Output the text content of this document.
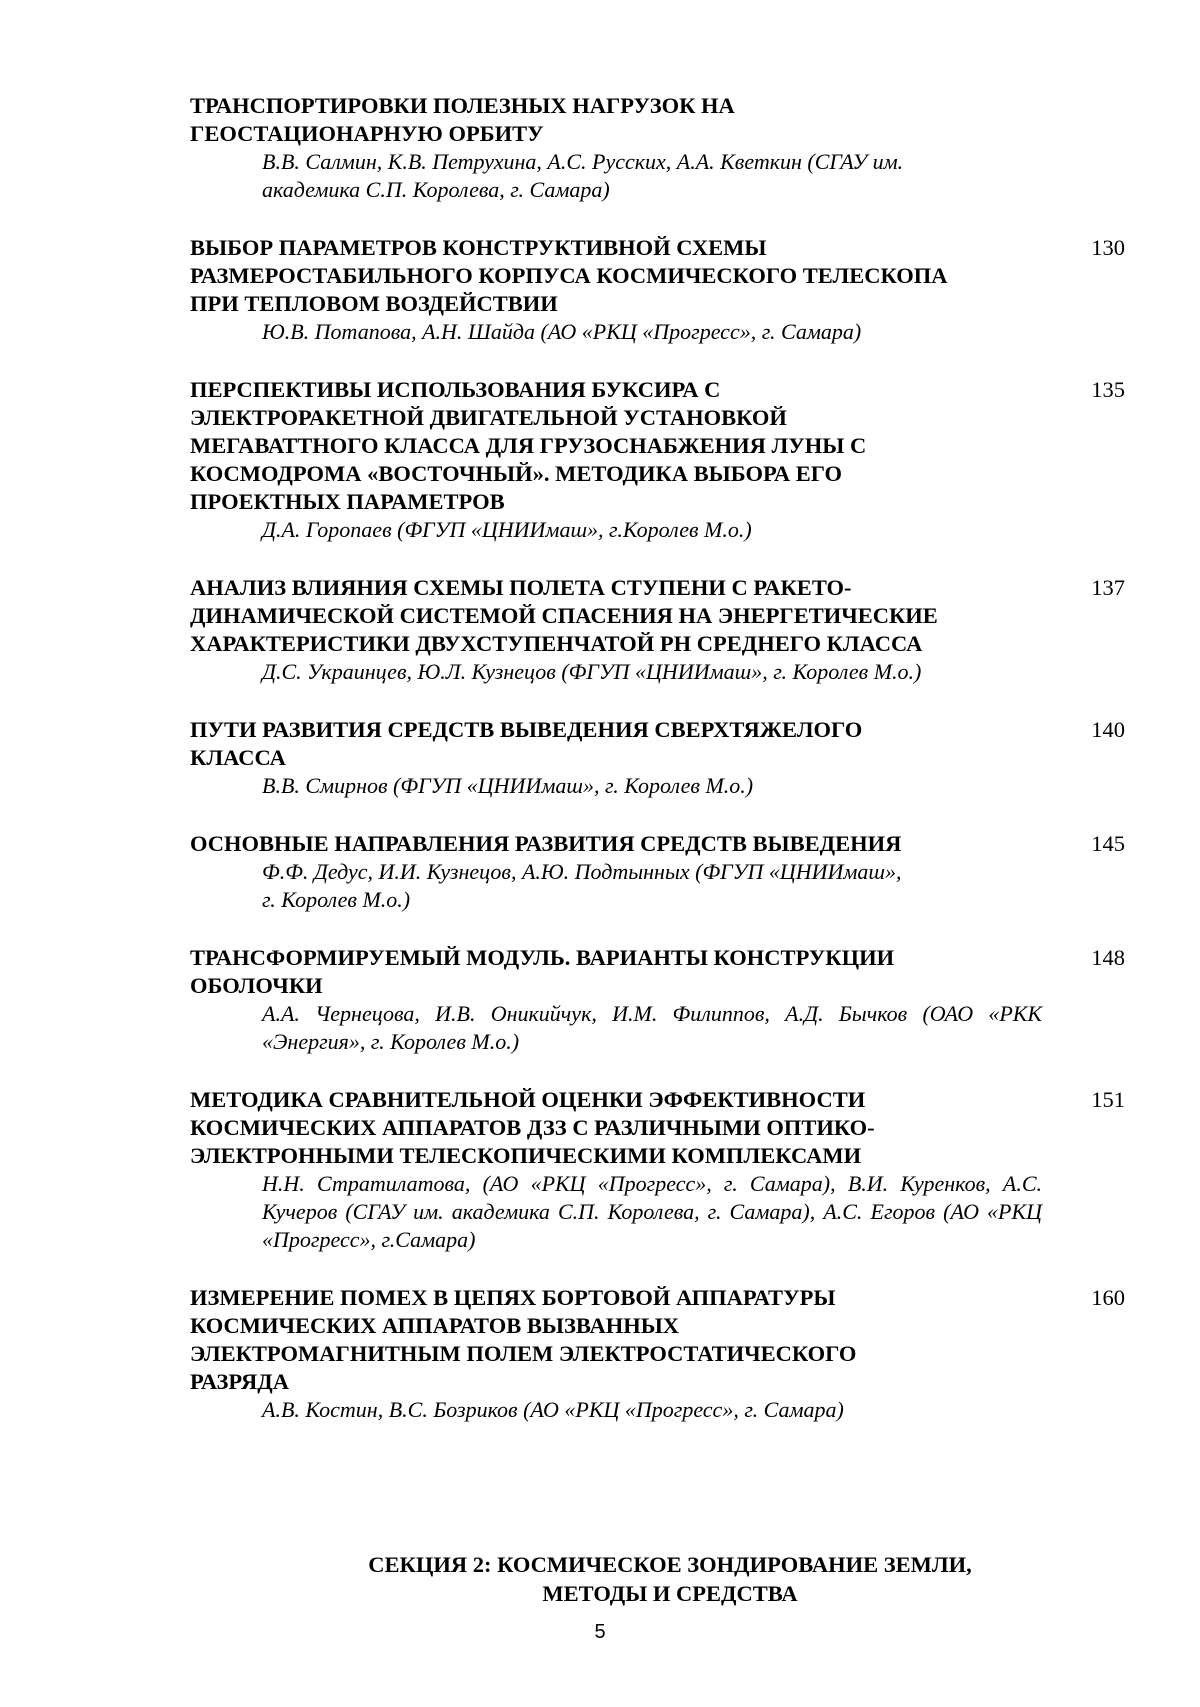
ТРАНСПОРТИРОВКИ ПОЛЕЗНЫХ НАГРУЗОК НА
ГЕОСТАЦИОНАРНУЮ ОРБИТУ
В.В. Салмин, К.В. Петрухина, А.С. Русских, А.А. Кветкин (СГАУ им.
академика С.П. Королева, г. Самара)
ВЫБОР ПАРАМЕТРОВ КОНСТРУКТИВНОЙ СХЕМЫ
РАЗМЕРОСТАБИЛЬНОГО КОРПУСА КОСМИЧЕСКОГО ТЕЛЕСКОПА
ПРИ ТЕПЛОВОМ ВОЗДЕЙСТВИИ
130
Ю.В. Потапова, А.Н. Шайда (АО «РКЦ «Прогресс», г. Самара)
ПЕРСПЕКТИВЫ ИСПОЛЬЗОВАНИЯ БУКСИРА С
ЭЛЕКТРОРАКЕТНОЙ ДВИГАТЕЛЬНОЙ УСТАНОВКОЙ
МЕГАВАТТНОГО КЛАССА ДЛЯ ГРУЗОСНАБЖЕНИЯ ЛУНЫ С
КОСМОДРОМА «ВОСТОЧНЫЙ». МЕТОДИКА ВЫБОРА ЕГО
ПРОЕКТНЫХ ПАРАМЕТРОВ
135
Д.А. Горопаев (ФГУП «ЦНИИмаш», г.Королев М.о.)
АНАЛИЗ ВЛИЯНИЯ СХЕМЫ ПОЛЕТА СТУПЕНИ С РАКЕТО-
ДИНАМИЧЕСКОЙ СИСТЕМОЙ СПАСЕНИЯ НА ЭНЕРГЕТИЧЕСКИЕ
ХАРАКТЕРИСТИКИ ДВУХСТУПЕНЧАТОЙ РН СРЕДНЕГО КЛАССА
137
Д.С. Украинцев, Ю.Л. Кузнецов (ФГУП «ЦНИИмаш», г. Королев М.о.)
ПУТИ РАЗВИТИЯ СРЕДСТВ ВЫВЕДЕНИЯ СВЕРХТЯЖЕЛОГО
КЛАССА
140
В.В. Смирнов (ФГУП «ЦНИИмаш», г. Королев М.о.)
ОСНОВНЫЕ НАПРАВЛЕНИЯ РАЗВИТИЯ СРЕДСТВ ВЫВЕДЕНИЯ	145
Ф.Ф. Дедус, И.И. Кузнецов, А.Ю. Подтынных (ФГУП «ЦНИИмаш»,
г. Королев М.о.)
ТРАНСФОРМИРУЕМЫЙ МОДУЛЬ. ВАРИАНТЫ КОНСТРУКЦИИ
ОБОЛОЧКИ
148
А.А. Чернецова, И.В. Оникийчук, И.М. Филиппов, А.Д. Бычков (ОАО «РКК «Энергия», г. Королев М.о.)
МЕТОДИКА СРАВНИТЕЛЬНОЙ ОЦЕНКИ ЭФФЕКТИВНОСТИ
КОСМИЧЕСКИХ АППАРАТОВ ДЗЗ С РАЗЛИЧНЫМИ ОПТИКО-
ЭЛЕКТРОННЫМИ ТЕЛЕСКОПИЧЕСКИМИ КОМПЛЕКСАМИ
151
Н.Н. Стратилатова, (АО «РКЦ «Прогресс», г. Самара), В.И. Куренков, А.С. Кучеров (СГАУ им. академика С.П. Королева, г. Самара), А.С. Егоров (АО «РКЦ «Прогресс», г.Самара)
ИЗМЕРЕНИЕ ПОМЕХ В ЦЕПЯХ БОРТОВОЙ АППАРАТУРЫ
КОСМИЧЕСКИХ АППАРАТОВ ВЫЗВАННЫХ
ЭЛЕКТРОМАГНИТНЫМ ПОЛЕМ ЭЛЕКТРОСТАТИЧЕСКОГО
РАЗРЯДА
160
А.В. Костин, В.С. Бозриков (АО «РКЦ «Прогресс», г. Самара)
СЕКЦИЯ 2: КОСМИЧЕСКОЕ ЗОНДИРОВАНИЕ ЗЕМЛИ,
МЕТОДЫ И СРЕДСТВА
5
